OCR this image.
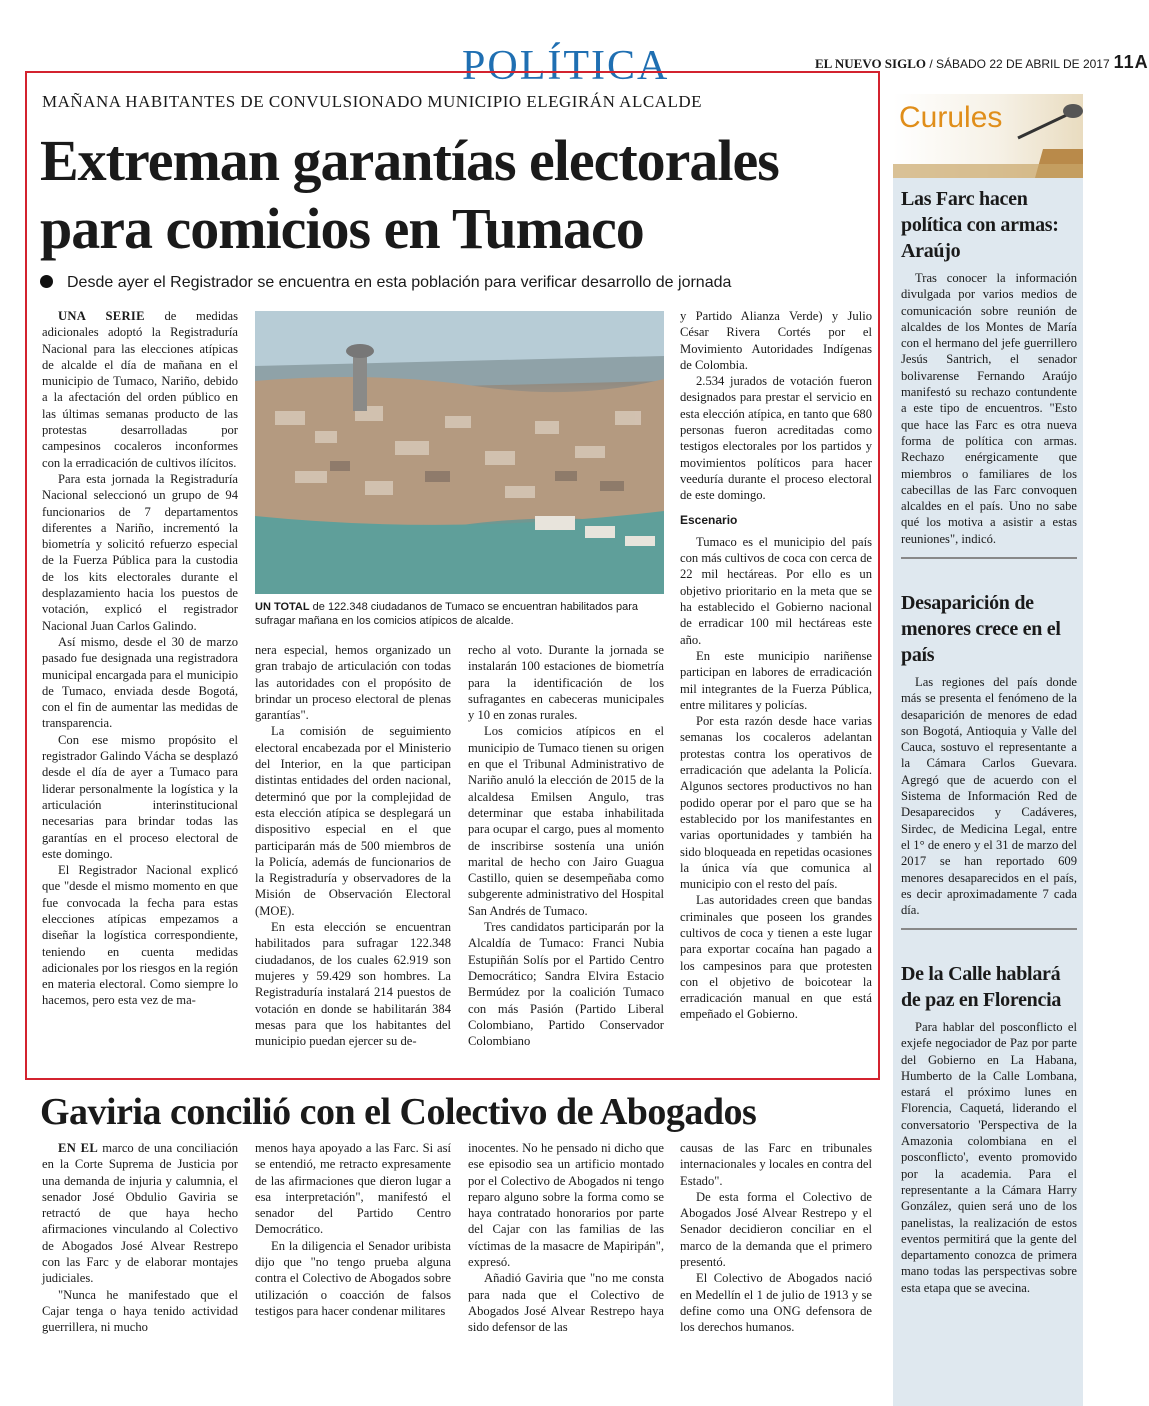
POLÍTICA	EL NUEVO SIGLO / SÁBADO 22 DE ABRIL DE 2017 11A
MAÑANA HABITANTES DE CONVULSIONADO MUNICIPIO ELEGIRÁN ALCALDE
Extreman garantías electorales para comicios en Tumaco
Desde ayer el Registrador se encuentra en esta población para verificar desarrollo de jornada

UNA SERIE de medidas adicionales adoptó la Registraduría Nacional para las elecciones atípicas de alcalde el día de mañana en el municipio de Tumaco, Nariño, debido a la afectación del orden público en las últimas semanas producto de las protestas desarrolladas por campesinos cocaleros inconformes con la erradicación de cultivos ilícitos.

Para esta jornada la Registraduría Nacional seleccionó un grupo de 94 funcionarios de 7 departamentos diferentes a Nariño, incrementó la biometría y solicitó refuerzo especial de la Fuerza Pública para la custodia de los kits electorales durante el desplazamiento hacia los puestos de votación, explicó el registrador Nacional Juan Carlos Galindo.

Así mismo, desde el 30 de marzo pasado fue designada una registradora municipal encargada para el municipio de Tumaco, enviada desde Bogotá, con el fin de aumentar las medidas de transparencia.

Con ese mismo propósito el registrador Galindo Vácha se desplazó desde el día de ayer a Tumaco para liderar personalmente la logística y la articulación interinstitucional necesarias para brindar todas las garantías en el proceso electoral de este domingo.

El Registrador Nacional explicó que "desde el mismo momento en que fue convocada la fecha para estas elecciones atípicas empezamos a diseñar la logística correspondiente, teniendo en cuenta medidas adicionales por los riesgos en la región en materia electoral. Como siempre lo hacemos, pero esta vez de ma-

UN TOTAL de 122.348 ciudadanos de Tumaco se encuentran habilitados para sufragar mañana en los comicios atípicos de alcalde.

nera especial, hemos organizado un gran trabajo de articulación con todas las autoridades con el propósito de brindar un proceso electoral de plenas garantías".

La comisión de seguimiento electoral encabezada por el Ministerio del Interior, en la que participan distintas entidades del orden nacional, determinó que por la complejidad de esta elección atípica se desplegará un dispositivo especial en el que participarán más de 500 miembros de la Policía, además de funcionarios de la Registraduría y observadores de la Misión de Observación Electoral (MOE).

En esta elección se encuentran habilitados para sufragar 122.348 ciudadanos, de los cuales 62.919 son mujeres y 59.429 son hombres. La Registraduría instalará 214 puestos de votación en donde se habilitarán 384 mesas para que los habitantes del municipio puedan ejercer su de-

recho al voto. Durante la jornada se instalarán 100 estaciones de biometría para la identificación de los sufragantes en cabeceras municipales y 10 en zonas rurales.

Los comicios atípicos en el municipio de Tumaco tienen su origen en que el Tribunal Administrativo de Nariño anuló la elección de 2015 de la alcaldesa Emilsen Angulo, tras determinar que estaba inhabilitada para ocupar el cargo, pues al momento de inscribirse sostenía una unión marital de hecho con Jairo Guagua Castillo, quien se desempeñaba como subgerente administrativo del Hospital San Andrés de Tumaco.

Tres candidatos participarán por la Alcaldía de Tumaco: Franci Nubia Estupiñán Solís por el Partido Centro Democrático; Sandra Elvira Estacio Bermúdez por la coalición Tumaco con más Pasión (Partido Liberal Colombiano, Partido Conservador Colombiano

y Partido Alianza Verde) y Julio César Rivera Cortés por el Movimiento Autoridades Indígenas de Colombia.

2.534 jurados de votación fueron designados para prestar el servicio en esta elección atípica, en tanto que 680 personas fueron acreditadas como testigos electorales por los partidos y movimientos políticos para hacer veeduría durante el proceso electoral de este domingo.

Escenario

Tumaco es el municipio del país con más cultivos de coca con cerca de 22 mil hectáreas. Por ello es un objetivo prioritario en la meta que se ha establecido el Gobierno nacional de erradicar 100 mil hectáreas este año.

En este municipio nariñense participan en labores de erradicación mil integrantes de la Fuerza Pública, entre militares y policías.

Por esta razón desde hace varias semanas los cocaleros adelantan protestas contra los operativos de erradicación que adelanta la Policía. Algunos sectores productivos no han podido operar por el paro que se ha establecido por los manifestantes en varias oportunidades y también ha sido bloqueada en repetidas ocasiones la única vía que comunica al municipio con el resto del país.

Las autoridades creen que bandas criminales que poseen los grandes cultivos de coca y tienen a este lugar para exportar cocaína han pagado a los campesinos para que protesten con el objetivo de boicotear la erradicación manual en que está empeñado el Gobierno.

Gaviria concilió con el Colectivo de Abogados

EN EL marco de una conciliación en la Corte Suprema de Justicia por una demanda de injuria y calumnia, el senador José Obdulio Gaviria se retractó de que haya hecho afirmaciones vinculando al Colectivo de Abogados José Alvear Restrepo con las Farc y de elaborar montajes judiciales.

"Nunca he manifestado que el Cajar tenga o haya tenido actividad guerrillera, ni mucho

menos haya apoyado a las Farc. Si así se entendió, me retracto expresamente de las afirmaciones que dieron lugar a esa interpretación", manifestó el senador del Partido Centro Democrático.

En la diligencia el Senador uribista dijo que "no tengo prueba alguna contra el Colectivo de Abogados sobre utilización o coacción de falsos testigos para hacer condenar militares

inocentes. No he pensado ni dicho que ese episodio sea un artificio montado por el Colectivo de Abogados ni tengo reparo alguno sobre la forma como se haya contratado honorarios por parte del Cajar con las familias de las víctimas de la masacre de Mapiripán", expresó.

Añadió Gaviria que "no me consta para nada que el Colectivo de Abogados José Alvear Restrepo haya sido defensor de las

causas de las Farc en tribunales internacionales y locales en contra del Estado".

De esta forma el Colectivo de Abogados José Alvear Restrepo y el Senador decidieron conciliar en el marco de la demanda que el primero presentó.

El Colectivo de Abogados nació en Medellín el 1 de julio de 1913 y se define como una ONG defensora de los derechos humanos.

Curules
Las Farc hacen política con armas: Araújo
Tras conocer la información divulgada por varios medios de comunicación sobre reunión de alcaldes de los Montes de María con el hermano del jefe guerrillero Jesús Santrich, el senador bolivarense Fernando Araújo manifestó su rechazo contundente a este tipo de encuentros. "Esto que hace las Farc es otra nueva forma de política con armas. Rechazo enérgicamente que miembros o familiares de los cabecillas de las Farc convoquen alcaldes en el país. Uno no sabe qué los motiva a asistir a estas reuniones", indicó.
Desaparición de menores crece en el país
Las regiones del país donde más se presenta el fenómeno de la desaparición de menores de edad son Bogotá, Antioquia y Valle del Cauca, sostuvo el representante a la Cámara Carlos Guevara. Agregó que de acuerdo con el Sistema de Información Red de Desaparecidos y Cadáveres, Sirdec, de Medicina Legal, entre el 1° de enero y el 31 de marzo del 2017 se han reportado 609 menores desaparecidos en el país, es decir aproximadamente 7 cada día.
De la Calle hablará de paz en Florencia
Para hablar del posconflicto el exjefe negociador de Paz por parte del Gobierno en La Habana, Humberto de la Calle Lombana, estará el próximo lunes en Florencia, Caquetá, liderando el conversatorio 'Perspectiva de la Amazonia colombiana en el posconflicto', evento promovido por la academia. Para el representante a la Cámara Harry González, quien será uno de los panelistas, la realización de estos eventos permitirá que la gente del departamento conozca de primera mano todas las perspectivas sobre esta etapa que se avecina.
